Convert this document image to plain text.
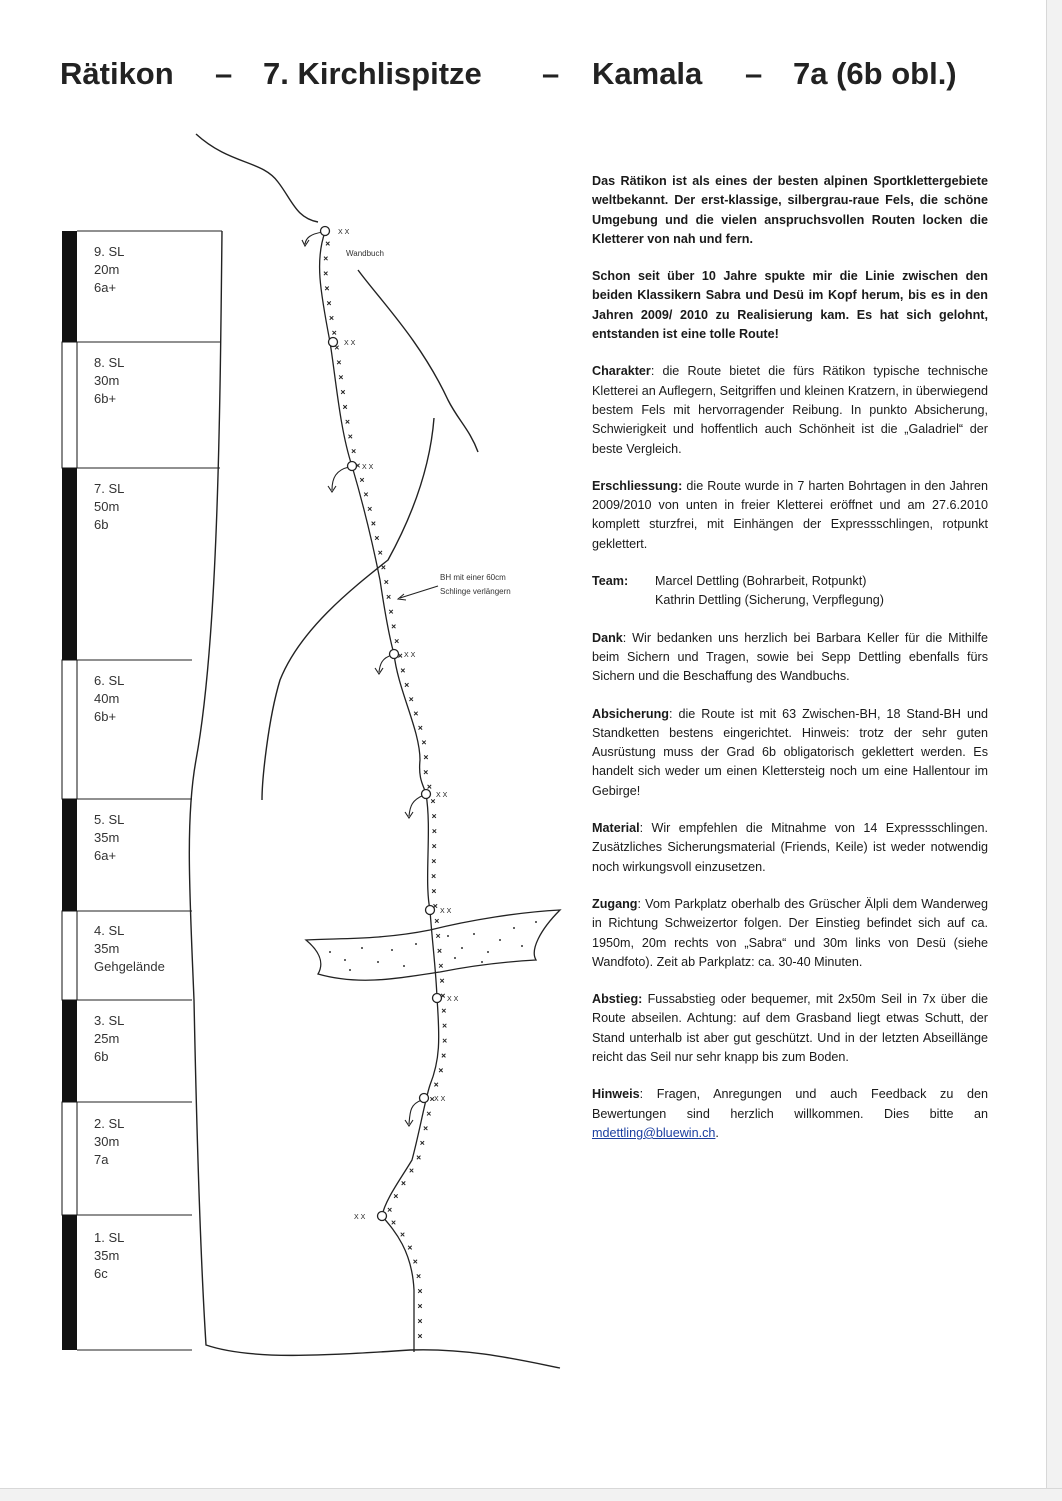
Rätikon – 7. Kirchlispitze – Kamala – 7a (6b obl.)
X X
X X
X X
X X
X X
X X
X X
X X
X X
Wandbuch
BH mit einer 60cm
Schlinge verlängern
9. SL
20m
6a+
8. SL
30m
6b+
7. SL
50m
6b
6. SL
40m
6b+
5. SL
35m
6a+
4. SL
35m
Gehgelände
3. SL
25m
6b
2. SL
30m
7a
1. SL
35m
6c

Das Rätikon ist als eines der besten alpinen Sportklettergebiete weltbekannt. Der erst-klassige, silbergrau-raue Fels, die schöne Umgebung und die vielen anspruchsvollen Routen locken die Kletterer von nah und fern.

Schon seit über 10 Jahre spukte mir die Linie zwischen den beiden Klassikern Sabra und Desü im Kopf herum, bis es in den Jahren 2009/ 2010 zu Realisierung kam. Es hat sich gelohnt, entstanden ist eine tolle Route!

Charakter: die Route bietet die fürs Rätikon typische technische Kletterei an Auflegern, Seitgriffen und kleinen Kratzern, in überwiegend bestem Fels mit hervorragender Reibung. In punkto Absicherung, Schwierigkeit und hoffentlich auch Schönheit ist die „Galadriel“ der beste Vergleich.

Erschliessung: die Route wurde in 7 harten Bohrtagen in den Jahren 2009/2010 von unten in freier Kletterei eröffnet und am 27.6.2010 komplett sturzfrei, mit Einhängen der Expressschlingen, rotpunkt geklettert.

Team:	Marcel Dettling (Bohrarbeit, Rotpunkt)
Kathrin Dettling (Sicherung, Verpflegung)

Dank: Wir bedanken uns herzlich bei Barbara Keller für die Mithilfe beim Sichern und Tragen, sowie bei Sepp Dettling ebenfalls fürs Sichern und die Beschaffung des Wandbuchs.

Absicherung: die Route ist mit 63 Zwischen-BH, 18 Stand-BH und Standketten bestens eingerichtet. Hinweis: trotz der sehr guten Ausrüstung muss der Grad 6b obligatorisch geklettert werden. Es handelt sich weder um einen Klettersteig noch um eine Hallentour im Gebirge!

Material: Wir empfehlen die Mitnahme von 14 Expressschlingen. Zusätzliches Sicherungsmaterial (Friends, Keile) ist weder notwendig noch wirkungsvoll einzusetzen.

Zugang: Vom Parkplatz oberhalb des Grüscher Älpli dem Wanderweg in Richtung Schweizertor folgen. Der Einstieg befindet sich auf ca. 1950m, 20m rechts von „Sabra“ und 30m links von Desü (siehe Wandfoto). Zeit ab Parkplatz: ca. 30-40 Minuten.

Abstieg: Fussabstieg oder bequemer, mit 2x50m Seil in 7x über die Route abseilen. Achtung: auf dem Grasband liegt etwas Schutt, der Stand unterhalb ist aber gut geschützt. Und in der letzten Abseillänge reicht das Seil nur sehr knapp bis zum Boden.

Hinweis: Fragen, Anregungen und auch Feedback zu den Bewertungen sind herzlich willkommen. Dies bitte an mdettling@bluewin.ch.
